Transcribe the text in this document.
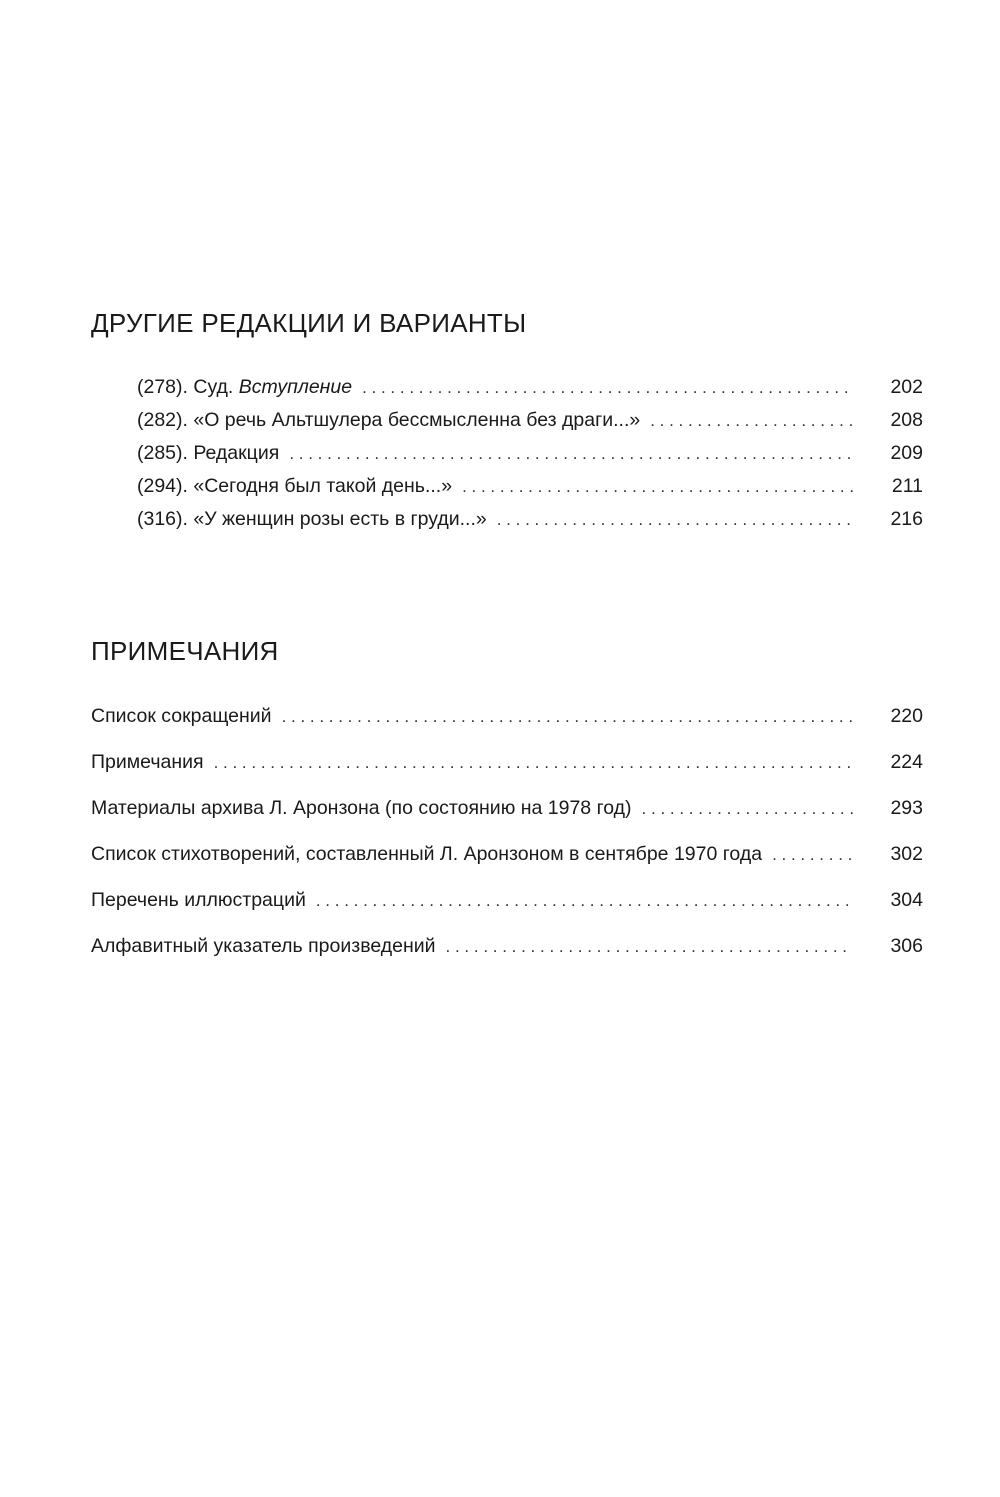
ДРУГИЕ РЕДАКЦИИ И ВАРИАНТЫ
(278). Суд. Вступление . . .	202
(282). «О речь Альтшулера бессмысленна без драги...» . . .	208
(285). Редакция . . .	209
(294). «Сегодня был такой день...» . . .	211
(316). «У женщин розы есть в груди...» . . .	216
ПРИМЕЧАНИЯ
Список сокращений . . .	220
Примечания . . .	224
Материалы архива Л. Аронзона (по состоянию на 1978 год) . . .	293
Список стихотворений, составленный Л. Аронзоном в сентябре 1970 года . . .	302
Перечень иллюстраций . . .	304
Алфавитный указатель произведений . . .	306
